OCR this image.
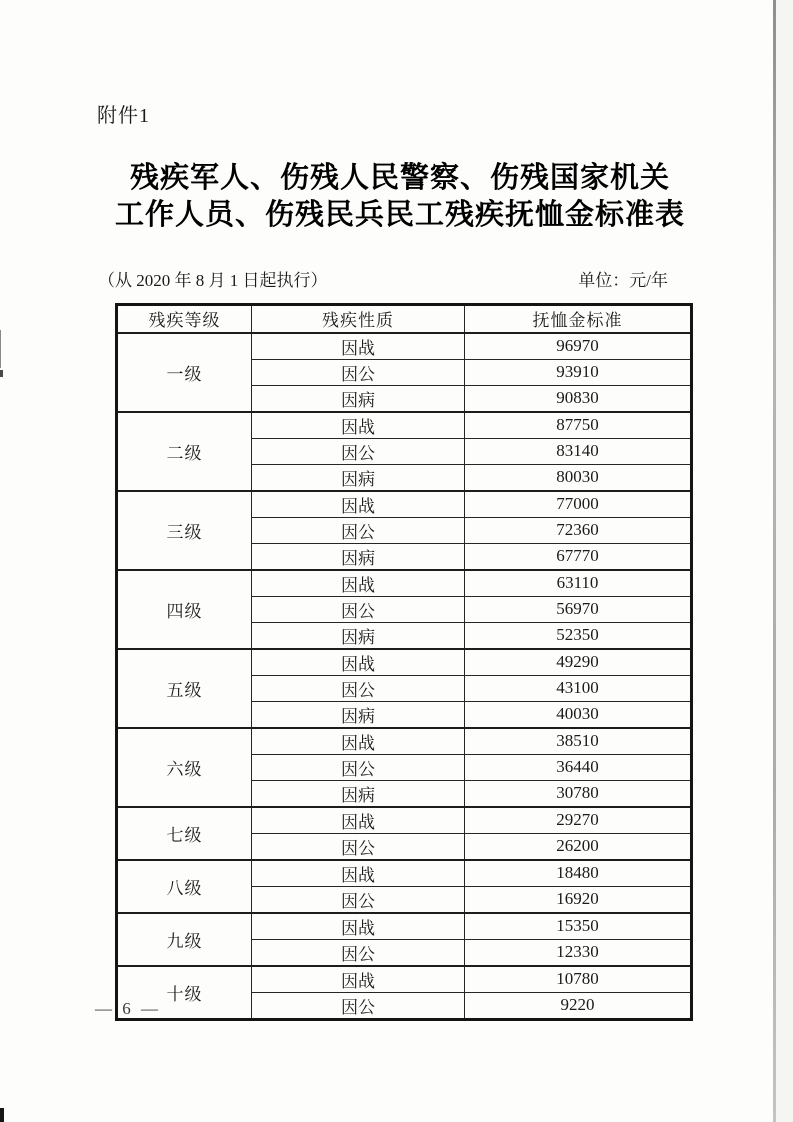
附件1
残疾军人、伤残人民警察、伤残国家机关
工作人员、伤残民兵民工残疾抚恤金标准表
（从 2020 年 8 月 1 日起执行）	单位：元/年
残疾等级	残疾性质	抚恤金标准
一级	因战	96970
	因公	93910
	因病	90830
二级	因战	87750
	因公	83140
	因病	80030
三级	因战	77000
	因公	72360
	因病	67770
四级	因战	63110
	因公	56970
	因病	52350
五级	因战	49290
	因公	43100
	因病	40030
六级	因战	38510
	因公	36440
	因病	30780
七级	因战	29270
	因公	26200
八级	因战	18480
	因公	16920
九级	因战	15350
	因公	12330
十级	因战	10780
	因公	9220
— 6 —
